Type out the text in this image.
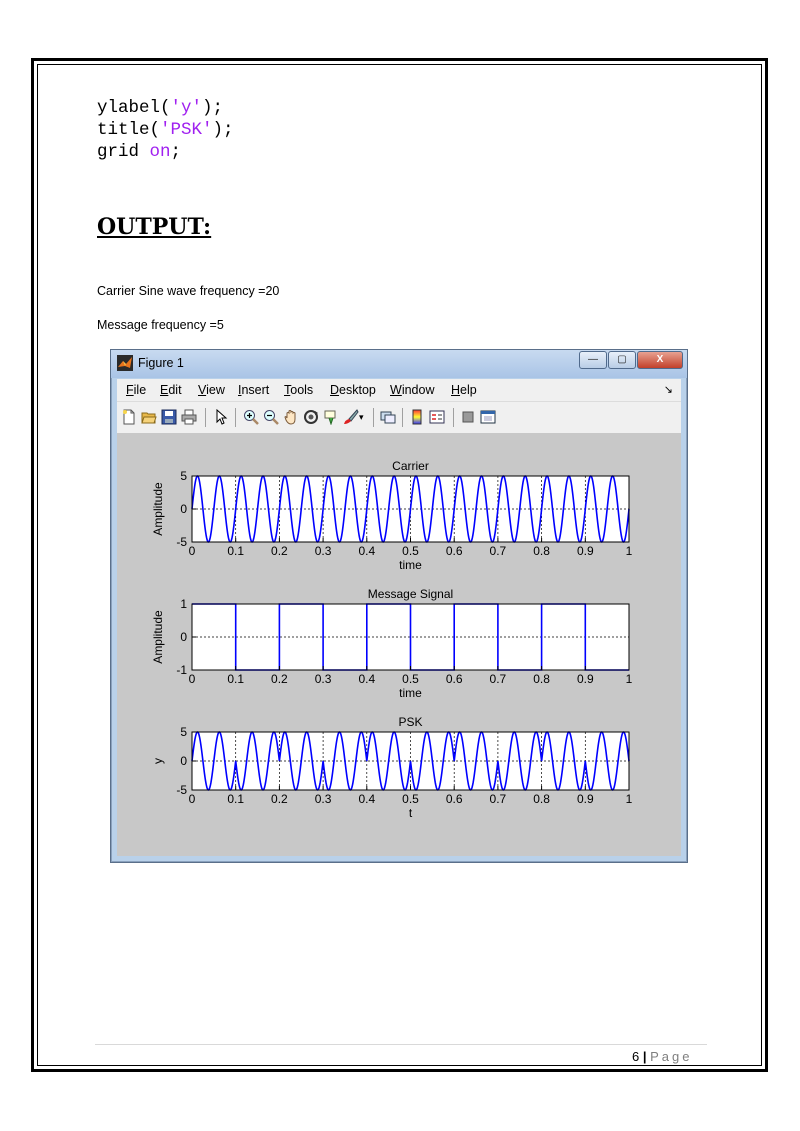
ylabel('y');
title('PSK');
grid on;
OUTPUT:
Carrier Sine wave frequency =20
Message frequency =5
Figure 1	—	▢	X
File Edit View Insert Tools Desktop Window Help	↘
▾
0	0.1 0.2 0.3 0.4 0.5 0.6 0.7 0.8 0.9	1
5
0
-5
Carrier
time
Amplitude
0	0.1 0.2 0.3 0.4 0.5 0.6 0.7 0.8 0.9	1
1
0
-1
Message Signal
time
Amplitude
0	0.1 0.2 0.3 0.4 0.5 0.6 0.7 0.8 0.9	1
5
0
-5
PSK
t
y
6 | Page
